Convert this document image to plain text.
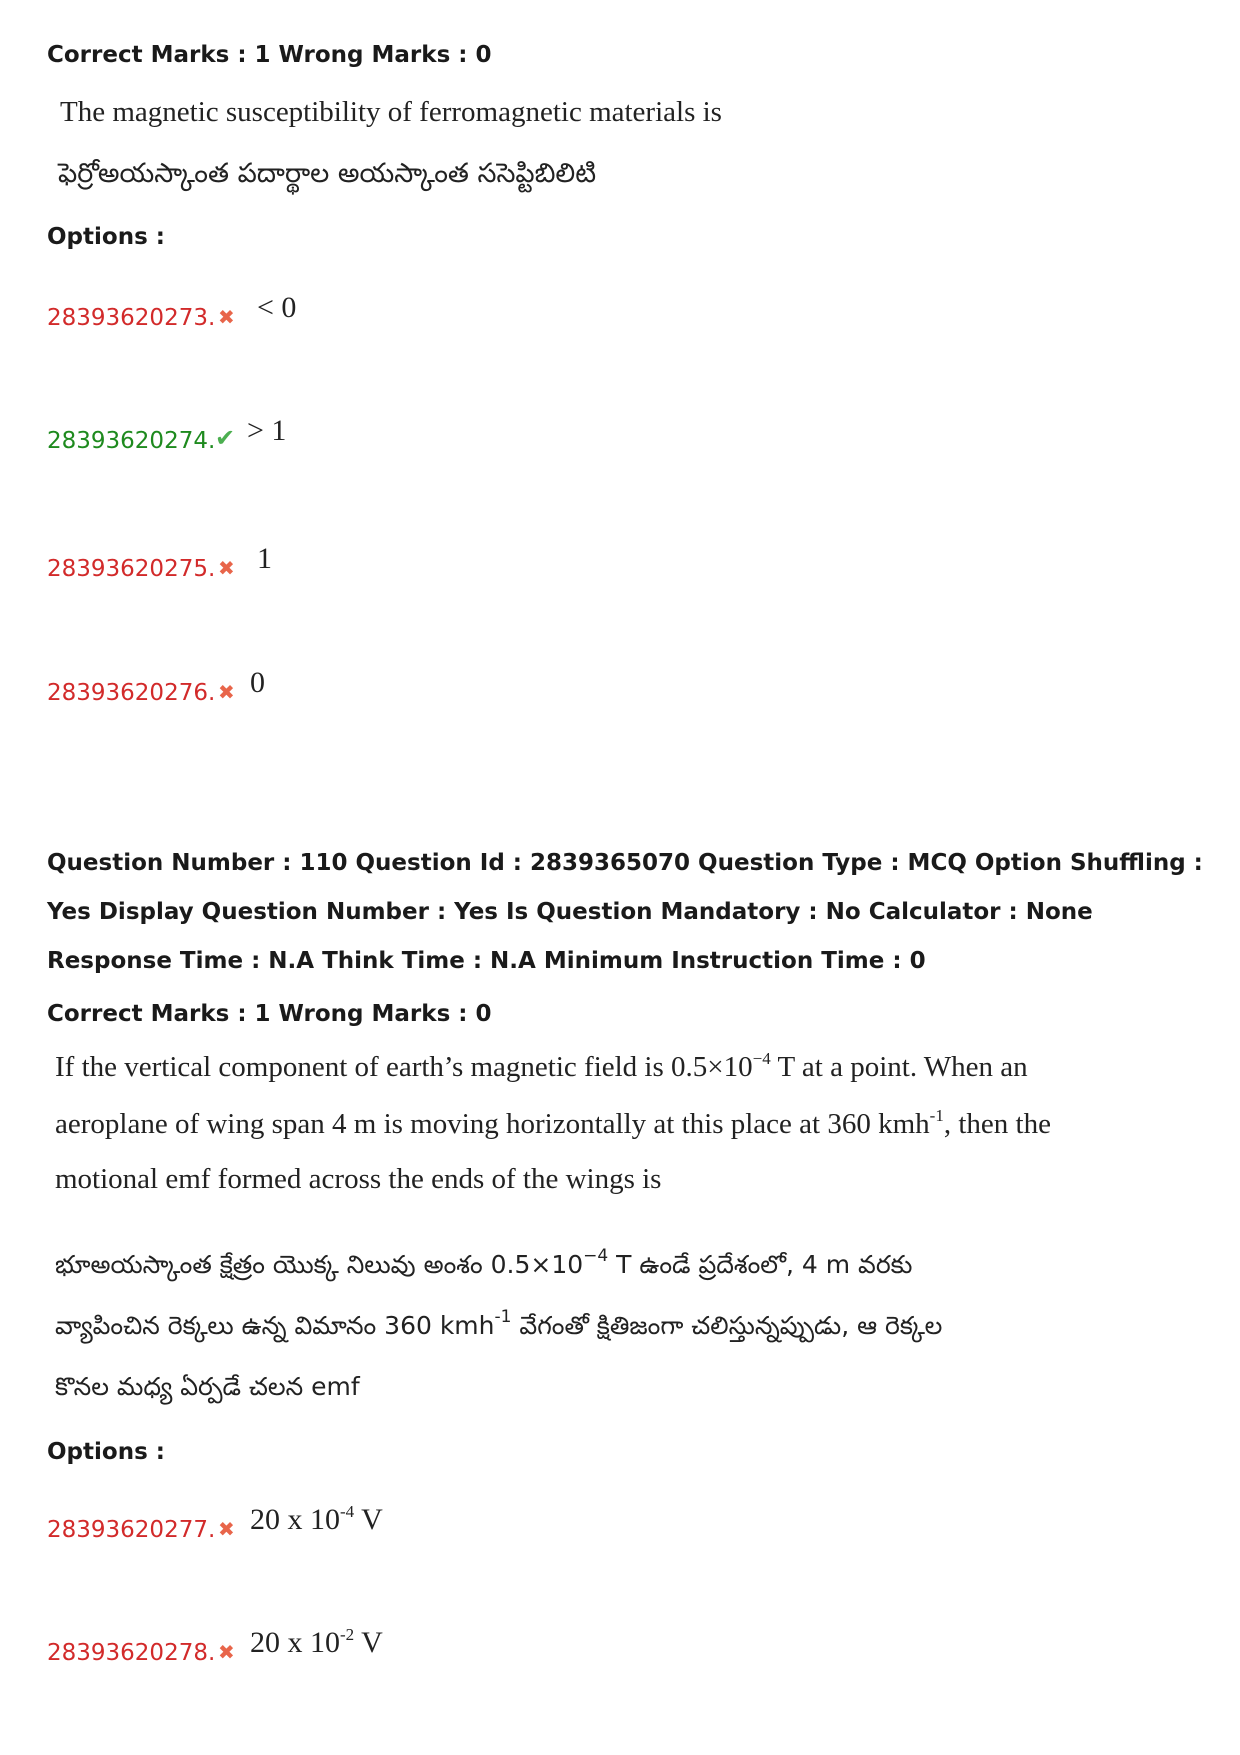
Correct Marks : 1 Wrong Marks : 0

The magnetic susceptibility of ferromagnetic materials is

ఫెర్రోఅయస్కాంత పదార్థాల అయస్కాంత ససెప్టిబిలిటి

Options :

28393620273. ✖ < 0
28393620274. ✔ > 1
28393620275. ✖ 1
28393620276. ✖ 0

Question Number : 110 Question Id : 2839365070 Question Type : MCQ Option Shuffling : Yes Display Question Number : Yes Is Question Mandatory : No Calculator : None Response Time : N.A Think Time : N.A Minimum Instruction Time : 0

Correct Marks : 1 Wrong Marks : 0

If the vertical component of earth’s magnetic field is $0.5\times 10^{-4}$ T at a point. When an

aeroplane of wing span 4 m is moving horizontally at this place at 360 kmh$^{-1}$, then the

motional emf formed across the ends of the wings is

భూఅయస్కాంత క్షేత్రం యొక్క నిలువు అంశం $0.5\times 10^{-4}$ T ఉండే ప్రదేశంలో, 4 m వరకు

వ్యాపించిన రెక్కలు ఉన్న విమానం 360 kmh$^{-1}$ వేగంతో క్షితిజంగా చలిస్తున్నప్పుడు, ఆ రెక్కల

కొనల మధ్య ఏర్పడే చలన emf

Options :

28393620277. ✖ 20 x $10^{-4}$ V
28393620278. ✖ 20 x $10^{-2}$ V
